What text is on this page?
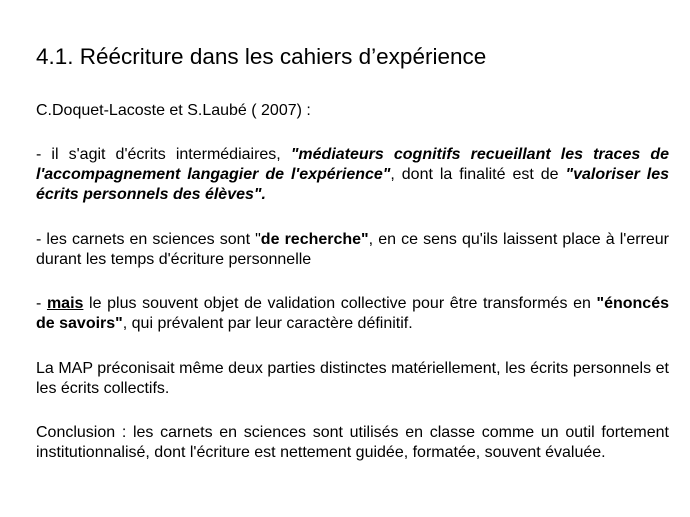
4.1. Réécriture dans les cahiers d’expérience
C.Doquet-Lacoste et S.Laubé ( 2007) :
- il s'agit d'écrits intermédiaires, "médiateurs cognitifs recueillant les traces de l'accompagnement langagier de l'expérience", dont la finalité est de "valoriser les écrits personnels des élèves".
- les carnets en sciences sont "de recherche", en ce sens qu'ils laissent place à l'erreur durant les temps d'écriture personnelle
- mais le plus souvent objet de validation collective pour être transformés en "énoncés de savoirs", qui prévalent par leur caractère définitif.
La MAP préconisait même deux parties distinctes matériellement, les écrits personnels et les écrits collectifs.
Conclusion : les carnets en sciences sont utilisés en classe comme un outil fortement institutionnalisé, dont l'écriture est nettement guidée, formatée, souvent évaluée.
